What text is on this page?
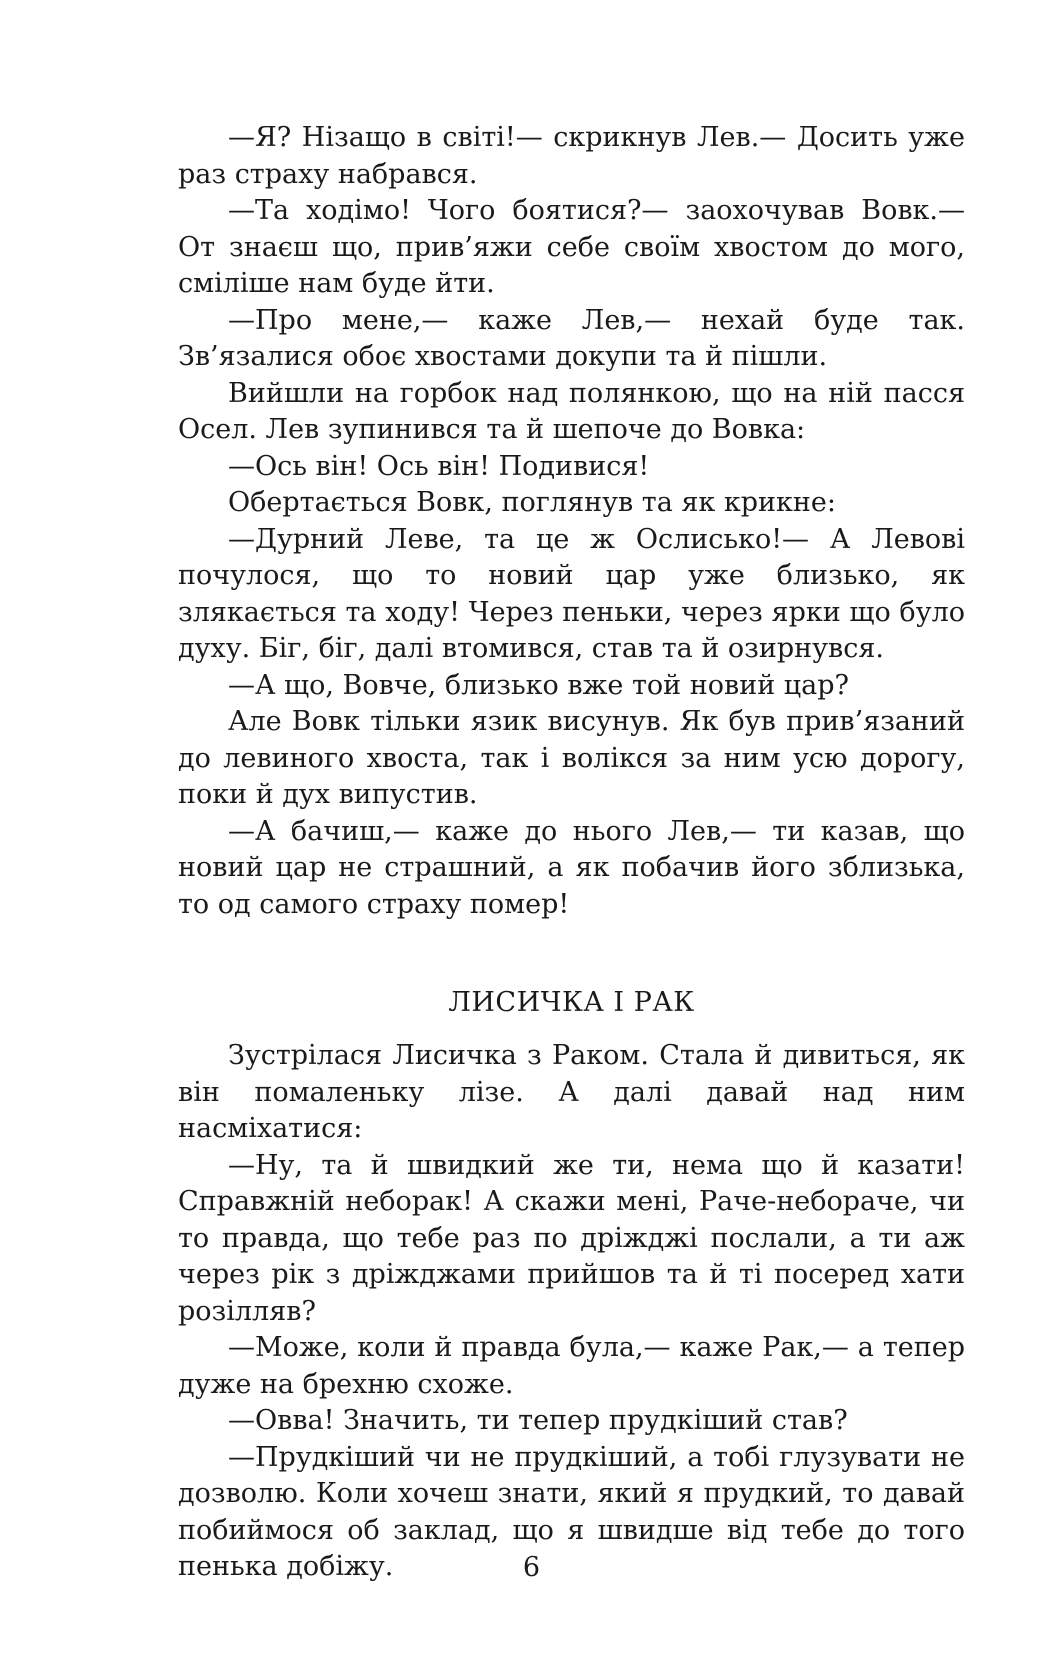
—Я? Нізащо в світі!— скрикнув Лев.— Досить уже раз страху набрався.

—Та ходімо! Чого боятися?— заохочував Вовк.— От знаєш що, прив’яжи себе своїм хвостом до мого, сміліше нам буде йти.

—Про мене,— каже Лев,— нехай буде так. Зв’язалися обоє хвостами докупи та й пішли.

Вийшли на горбок над полянкою, що на ній пасся Осел. Лев зупинився та й шепоче до Вовка:

—Ось він! Ось він! Подивися!

Обертається Вовк, поглянув та як крикне:

—Дурний Леве, та це ж Ослисько!— А Левові почулося, що то новий цар уже близько, як злякається та ходу! Через пеньки, через ярки що було духу. Біг, біг, далі втомився, став та й озирнувся.

—А що, Вовче, близько вже той новий цар?

Але Вовк тільки язик висунув. Як був прив’язаний до левиного хвоста, так і волікся за ним усю дорогу, поки й дух випустив.

—А бачиш,— каже до нього Лев,— ти казав, що новий цар не страшний, а як побачив його зблизька, то од самого страху помер!

ЛИСИЧКА І РАК

Зустрілася Лисичка з Раком. Стала й дивиться, як він помаленьку лізе. А далі давай над ним насміхатися:

—Ну, та й швидкий же ти, нема що й казати! Справжній неборак! А скажи мені, Раче-небораче, чи то правда, що тебе раз по дріжджі послали, а ти аж через рік з дріжджами прийшов та й ті посеред хати розілляв?

—Може, коли й правда була,— каже Рак,— а тепер дуже на брехню схоже.

—Овва! Значить, ти тепер прудкіший став?

—Прудкіший чи не прудкіший, а тобі глузувати не дозволю. Коли хочеш знати, який я прудкий, то давай побиймося об заклад, що я швидше від тебе до того пенька добіжу.	6
